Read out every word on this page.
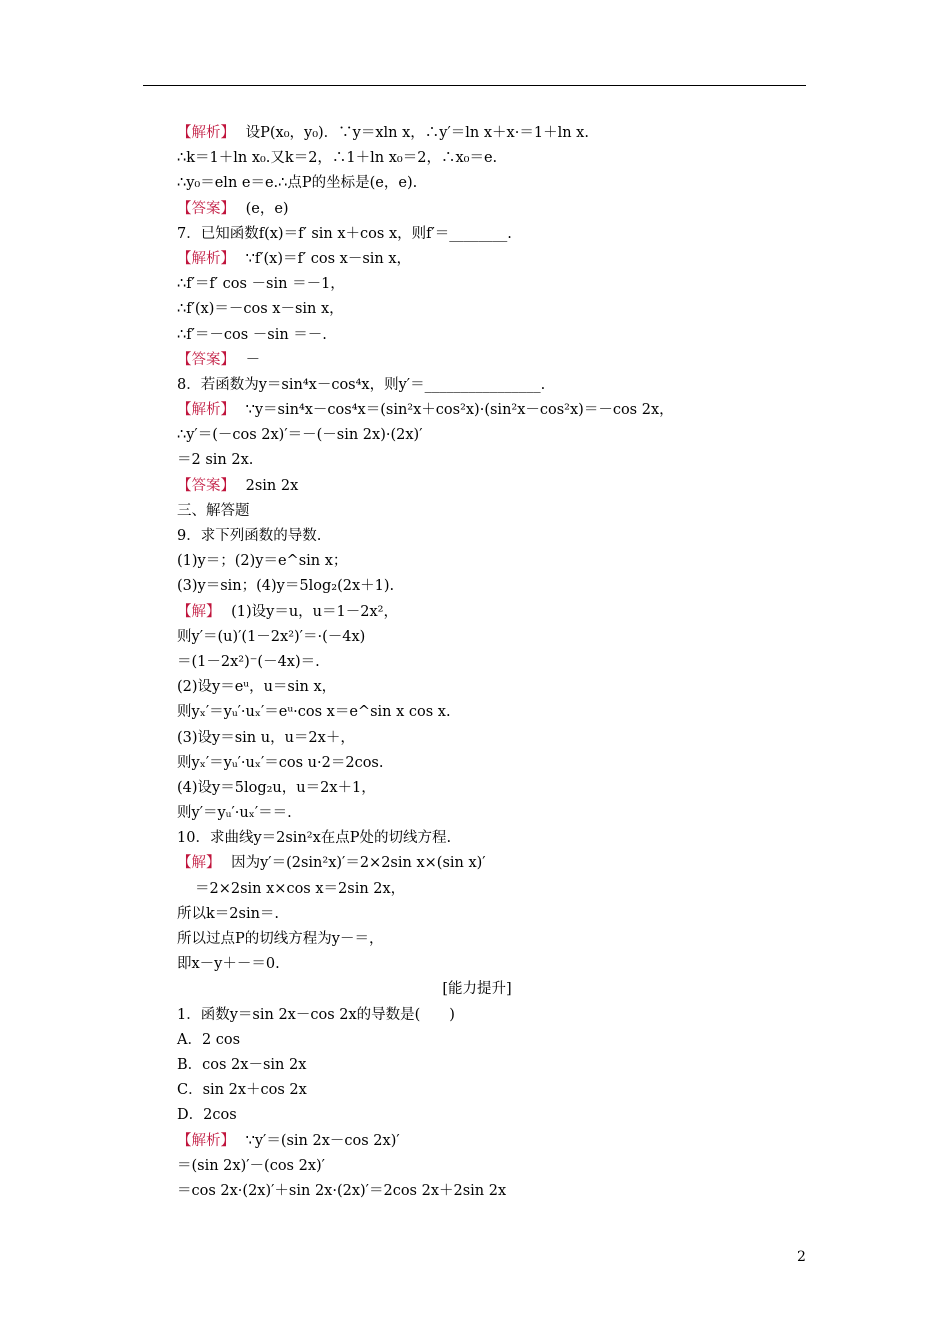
【解析】 设P(x₀，y₀)．∵y＝xln x，∴y′＝ln x＋x·＝1＋ln x.
∴k＝1＋ln x₀.又k＝2，∴1＋ln x₀＝2，∴x₀＝e.
∴y₀＝eln e＝e.∴点P的坐标是(e，e).
【答案】 (e，e)
7．已知函数f(x)＝f′ sin x＋cos x，则f′＝________.
【解析】 ∵f′(x)＝f′ cos x－sin x，
∴f′＝f′ cos －sin ＝－1，
∴f′(x)＝－cos x－sin x，
∴f′＝－cos －sin ＝－.
【答案】 －
8．若函数为y＝sin⁴x－cos⁴x，则y′＝________________.
【解析】 ∵y＝sin⁴x－cos⁴x＝(sin²x＋cos²x)·(sin²x－cos²x)＝－cos 2x，
∴y′＝(－cos 2x)′＝－(－sin 2x)·(2x)′
＝2 sin 2x.
【答案】 2sin 2x
三、解答题
9．求下列函数的导数.
(1)y＝；(2)y＝e^sin x；
(3)y＝sin；(4)y＝5log₂(2x＋1).
【解】 (1)设y＝u，u＝1－2x²，
则y′＝(u)′(1－2x²)′＝·(－4x)
＝(1－2x²)⁻(－4x)＝.
(2)设y＝eᵘ，u＝sin x，
则yₓ′＝yᵤ′·uₓ′＝eᵘ·cos x＝e^sin x cos x.
(3)设y＝sin u，u＝2x＋，
则yₓ′＝yᵤ′·uₓ′＝cos u·2＝2cos.
(4)设y＝5log₂u，u＝2x＋1，
则y′＝yᵤ′·uₓ′＝＝.
10．求曲线y＝2sin²x在点P处的切线方程.
【解】 因为y′＝(2sin²x)′＝2×2sin x×(sin x)′
＝2×2sin x×cos x＝2sin 2x，
所以k＝2sin＝.
所以过点P的切线方程为y－＝，
即x－y＋－＝0.
[能力提升]
1．函数y＝sin 2x－cos 2x的导数是(　　)
A．2 cos
B．cos 2x－sin 2x
C．sin 2x＋cos 2x
D．2cos
【解析】 ∵y′＝(sin 2x－cos 2x)′
＝(sin 2x)′－(cos 2x)′
＝cos 2x·(2x)′＋sin 2x·(2x)′＝2cos 2x＋2sin 2x
2
